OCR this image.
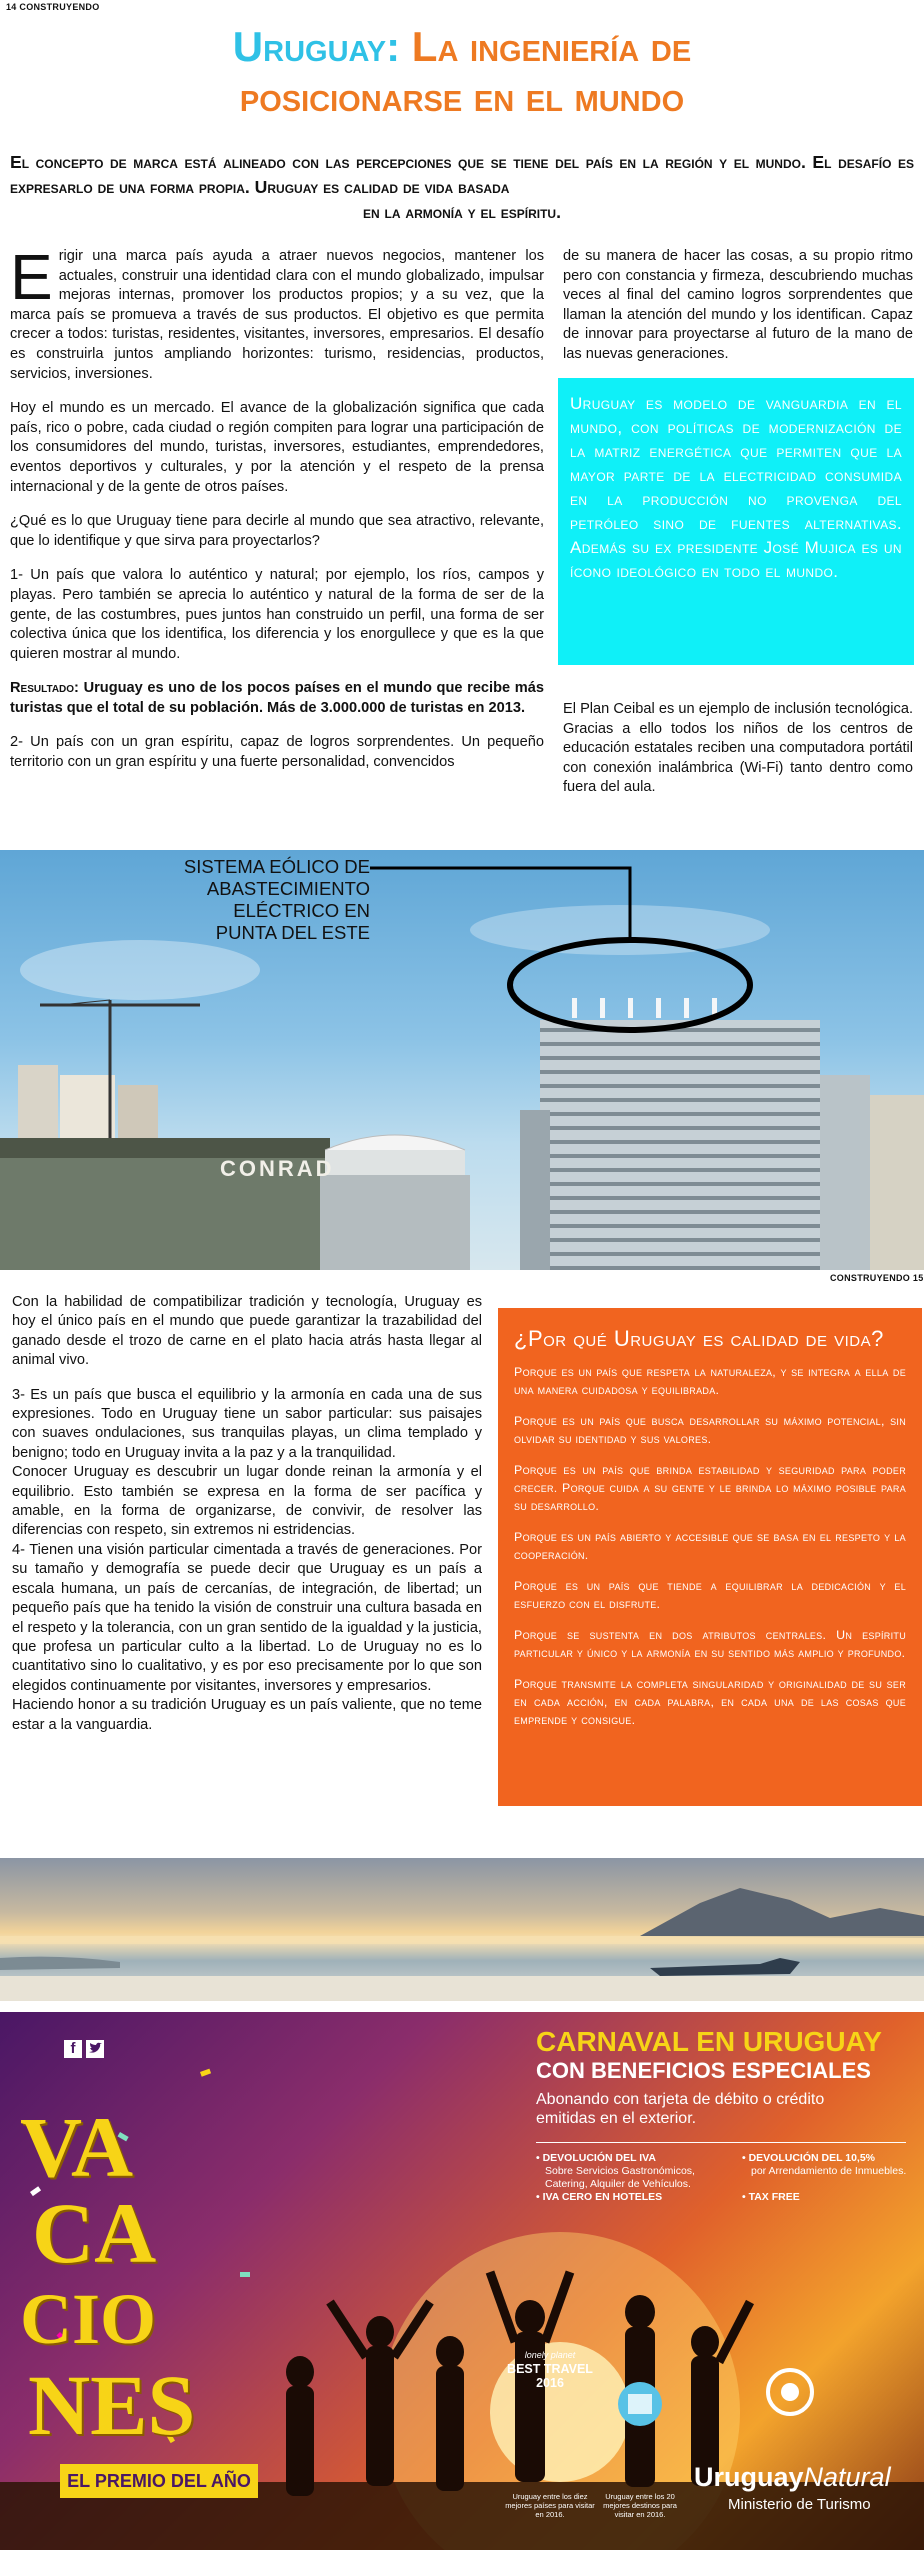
14 CONSTRUYENDO
Uruguay: La ingeniería de
posicionarse en el mundo
El concepto de marca está alineado con las percepciones que se tiene del país en la región y el mundo. El desafío es expresarlo de una forma propia. Uruguay es calidad de vida basada
en la armonía y el espíritu.

Erigir una marca país ayuda a atraer nuevos negocios, mantener los actuales, construir una identidad clara con el mundo globalizado, impulsar mejoras internas, promover los productos propios; y a su vez, que la marca país se promueva a través de sus productos. El objetivo es que permita crecer a todos: turistas, residentes, visitantes, inversores, empresarios. El desafío es construirla juntos ampliando horizontes: turismo, residencias, productos, servicios, inversiones.

Hoy el mundo es un mercado. El avance de la globalización significa que cada país, rico o pobre, cada ciudad o región compiten para lograr una participación de los consumidores del mundo, turistas, inversores, estudiantes, emprendedores, eventos deportivos y culturales, y por la atención y el respeto de la prensa internacional y de la gente de otros países.

¿Qué es lo que Uruguay tiene para decirle al mundo que sea atractivo, relevante, que lo identifique y que sirva para proyectarlos?

1- Un país que valora lo auténtico y natural; por ejemplo, los ríos, campos y playas. Pero también se aprecia lo auténtico y natural de la forma de ser de la gente, de las costumbres, pues juntos han construido un perfil, una forma de ser colectiva única que los identifica, los diferencia y los enorgullece y que es la que quieren mostrar al mundo.

Resultado: Uruguay es uno de los pocos países en el mundo que recibe más turistas que el total de su población. Más de 3.000.000 de turistas en 2013.

2- Un país con un gran espíritu, capaz de logros sorprendentes. Un pequeño territorio con un gran espíritu y una fuerte personalidad, convencidos

de su manera de hacer las cosas, a su propio ritmo pero con constancia y firmeza, descubriendo muchas veces al final del camino logros sorprendentes que llaman la atención del mundo y los identifican. Capaz de innovar para proyectarse al futuro de la mano de las nuevas generaciones.

Uruguay es modelo de vanguardia en el mundo, con políticas de modernización de la matriz energética que permiten que la mayor parte de la electricidad consumida en la producción no provenga del petróleo sino de fuentes alternativas. Además su ex presidente José Mujica es un ícono ideológico en todo el mundo.

El Plan Ceibal es un ejemplo de inclusión tecnológica. Gracias a ello todos los niños de los centros de educación estatales reciben una computadora portátil con conexión inalámbrica (Wi-Fi) tanto dentro como fuera del aula.

SISTEMA EÓLICO DE ABASTECIMIENTO ELÉCTRICO EN PUNTA DEL ESTE
CONRAD
CONSTRUYENDO 15

Con la habilidad de compatibilizar tradición y tecnología, Uruguay es hoy el único país en el mundo que puede garantizar la trazabilidad del ganado desde el trozo de carne en el plato hacia atrás hasta llegar al animal vivo.

3- Es un país que busca el equilibrio y la armonía en cada una de sus expresiones. Todo en Uruguay tiene un sabor particular: sus paisajes con suaves ondulaciones, sus tranquilas playas, un clima templado y benigno; todo en Uruguay invita a la paz y a la tranquilidad.

Conocer Uruguay es descubrir un lugar donde reinan la armonía y el equilibrio. Esto también se expresa en la forma de ser pacífica y amable, en la forma de organizarse, de convivir, de resolver las diferencias con respeto, sin extremos ni estridencias.

4- Tienen una visión particular cimentada a través de generaciones. Por su tamaño y demografía se puede decir que Uruguay es un país a escala humana, un país de cercanías, de integración, de libertad; un pequeño país que ha tenido la visión de construir una cultura basada en el respeto y la tolerancia, con un gran sentido de la igualdad y la justicia, que profesa un particular culto a la libertad. Lo de Uruguay no es lo cuantitativo sino lo cualitativo, y es por eso precisamente por lo que son elegidos continuamente por visitantes, inversores y empresarios.

Haciendo honor a su tradición Uruguay es un país valiente, que no teme estar a la vanguardia.

¿Por qué Uruguay es calidad de vida?

Porque es un país que respeta la naturaleza, y se integra a ella de una manera cuidadosa y equilibrada.

Porque es un país que busca desarrollar su máximo potencial, sin olvidar su identidad y sus valores.

Porque es un país que brinda estabilidad y seguridad para poder crecer. Porque cuida a su gente y le brinda lo máximo posible para su desarrollo.

Porque es un país abierto y accesible que se basa en el respeto y la cooperación.

Porque es un país que tiende a equilibrar la dedicación y el esfuerzo con el disfrute.

Porque se sustenta en dos atributos centrales. Un espíritu particular y único y la armonía en su sentido más amplio y profundo.

Porque transmite la completa singularidad y originalidad de su ser en cada acción, en cada palabra, en cada una de las cosas que emprende y consigue.

f
VA
CA
CIO
NES
EL PREMIO DEL AÑO
CARNAVAL EN URUGUAY
CON BENEFICIOS ESPECIALES
Abonando con tarjeta de débito o crédito emitidas en el exterior.
• DEVOLUCIÓN DEL IVA
Sobre Servicios Gastronómicos, Catering, Alquiler de Vehículos.
• IVA CERO EN HOTELES
• DEVOLUCIÓN DEL 10,5%
por Arrendamiento de Inmuebles.
• TAX FREE
lonely planet
BEST TRAVEL 2016
Uruguay entre los diez mejores países para visitar en 2016.
Uruguay entre los 20 mejores destinos para visitar en 2016.
UruguayNatural
Ministerio de Turismo
